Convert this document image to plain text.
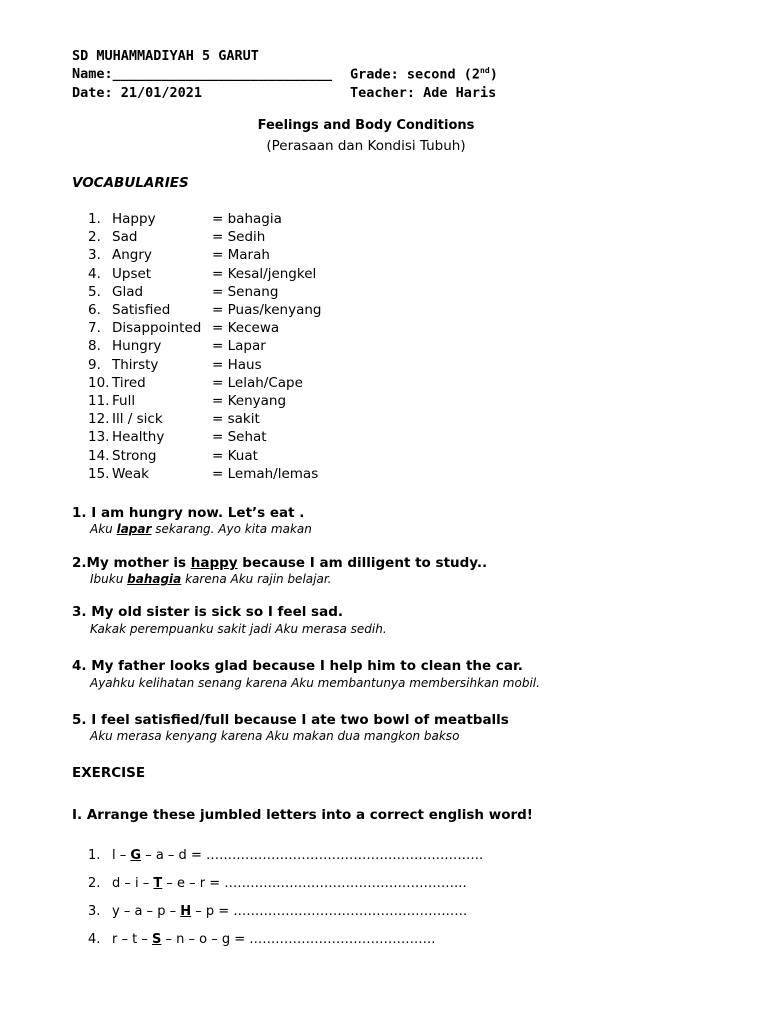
SD MUHAMMADIYAH 5 GARUT
Name:___________________________ Grade: second (2nd)
Date: 21/01/2021	Teacher: Ade Haris
Feelings and Body Conditions
(Perasaan dan Kondisi Tubuh)
VOCABULARIES
1. Happy	= bahagia
2. Sad	= Sedih
3. Angry	= Marah
4. Upset	= Kesal/jengkel
5. Glad	= Senang
6. Satisfied	= Puas/kenyang
7. Disappointed = Kecewa
8. Hungry	= Lapar
9. Thirsty	= Haus
10. Tired	= Lelah/Cape
11. Full	= Kenyang
12. Ill / sick	= sakit
13. Healthy	= Sehat
14. Strong	= Kuat
15. Weak	= Lemah/lemas
1. I am hungry now. Let’s eat .
Aku lapar sekarang. Ayo kita makan
2.My mother is happy because I am dilligent to study..
Ibuku bahagia karena Aku rajin belajar.
3. My old sister is sick so I feel sad.
Kakak perempuanku sakit jadi Aku merasa sedih.
4. My father looks glad because I help him to clean the car.
Ayahku kelihatan senang karena Aku membantunya membersihkan mobil.
5. I feel satisfied/full because I ate two bowl of meatballs
Aku merasa kenyang karena Aku makan dua mangkon bakso
EXERCISE
I. Arrange these jumbled letters into a correct english word!
1. l – G – a – d = ……………………………………………………….
2. d – i – T – e – r = ………………………………………………..
3. y – a – p – H – p = ………………………………………………
4. r – t – S – n – o – g = …………………………………….
